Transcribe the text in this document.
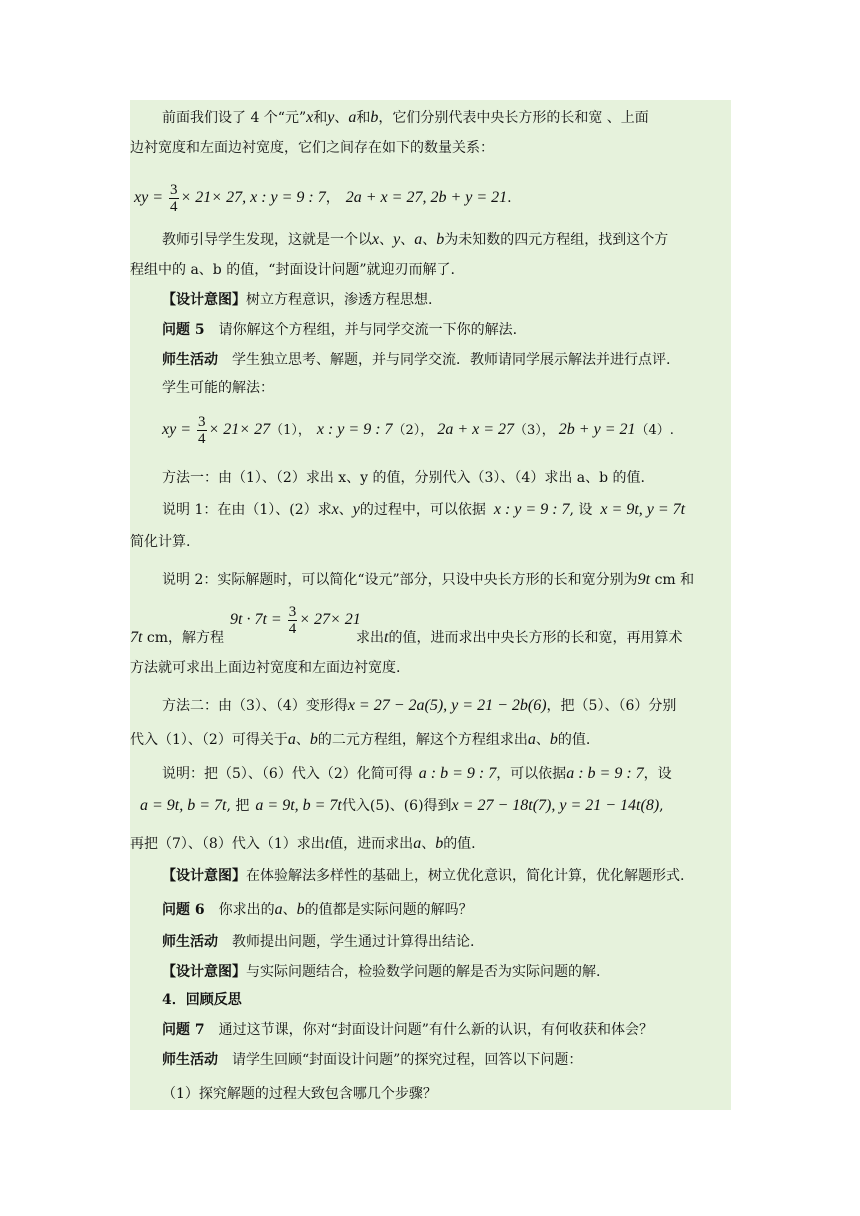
前面我们设了 4 个“元”x和y、a和b，它们分别代表中央长方形的长和宽 、上面
边衬宽度和左面边衬宽度，它们之间存在如下的数量关系：
xy = $\frac{3}{4} \times 21\times 27$, x : y = 9 : 7， 2a + x = 27, 2b + y = 21.
教师引导学生发现，这就是一个以x、y、a、b为未知数的四元方程组，找到这个方
程组中的 a、b 的值，“封面设计问题”就迎刃而解了.
【设计意图】树立方程意识，渗透方程思想.
问题 5 请你解这个方程组，并与同学交流一下你的解法.
师生活动 学生独立思考、解题，并与同学交流．教师请同学展示解法并进行点评.
学生可能的解法：
xy = $\frac{3}{4} \times 21\times 27(1)$， x : y = 9 : 7（2）， 2a + x = 27（3）， 2b + y = 21（4）.
方法一：由（1）、（2）求出 x、y 的值，分别代入（3）、（4）求出 a、b 的值.
说明 1：在由（1）、(2）求x、y的过程中，可以依据 x : y = 9 : 7, 设 x = 9t, y = 7t
简化计算.
说明 2：实际解题时，可以简化“设元”部分，只设中央长方形的长和宽分别为9t cm 和
$9t \cdot 7t = \frac{3}{4} \times 27\times 21$
7t cm，解方程	求出t的值，进而求出中央长方形的长和宽，再用算术
方法就可求出上面边衬宽度和左面边衬宽度.
方法二：由（3）、（4）变形得x = 27 − 2a(5), y = 21 − 2b(6)，把（5）、（6）分别
代入（1）、（2）可得关于a、b的二元方程组，解这个方程组求出a、b的值.
说明：把（5）、（6）代入（2）化简可得 a : b = 9 : 7，可以依据a : b = 9 : 7，设
a = 9t, b = 7t, 把 a = 9t, b = 7t代入(5)、(6)得到x = 27 − 18t(7), y = 21 − 14t(8),
再把（7）、（8）代入（1）求出t值，进而求出a、b的值.
【设计意图】在体验解法多样性的基础上，树立优化意识，简化计算，优化解题形式.
问题 6 你求出的a、b的值都是实际问题的解吗？
师生活动 教师提出问题，学生通过计算得出结论.
【设计意图】与实际问题结合，检验数学问题的解是否为实际问题的解.
4．回顾反思
问题 7 通过这节课，你对“封面设计问题”有什么新的认识，有何收获和体会？
师生活动 请学生回顾“封面设计问题”的探究过程，回答以下问题：
（1）探究解题的过程大致包含哪几个步骤？
